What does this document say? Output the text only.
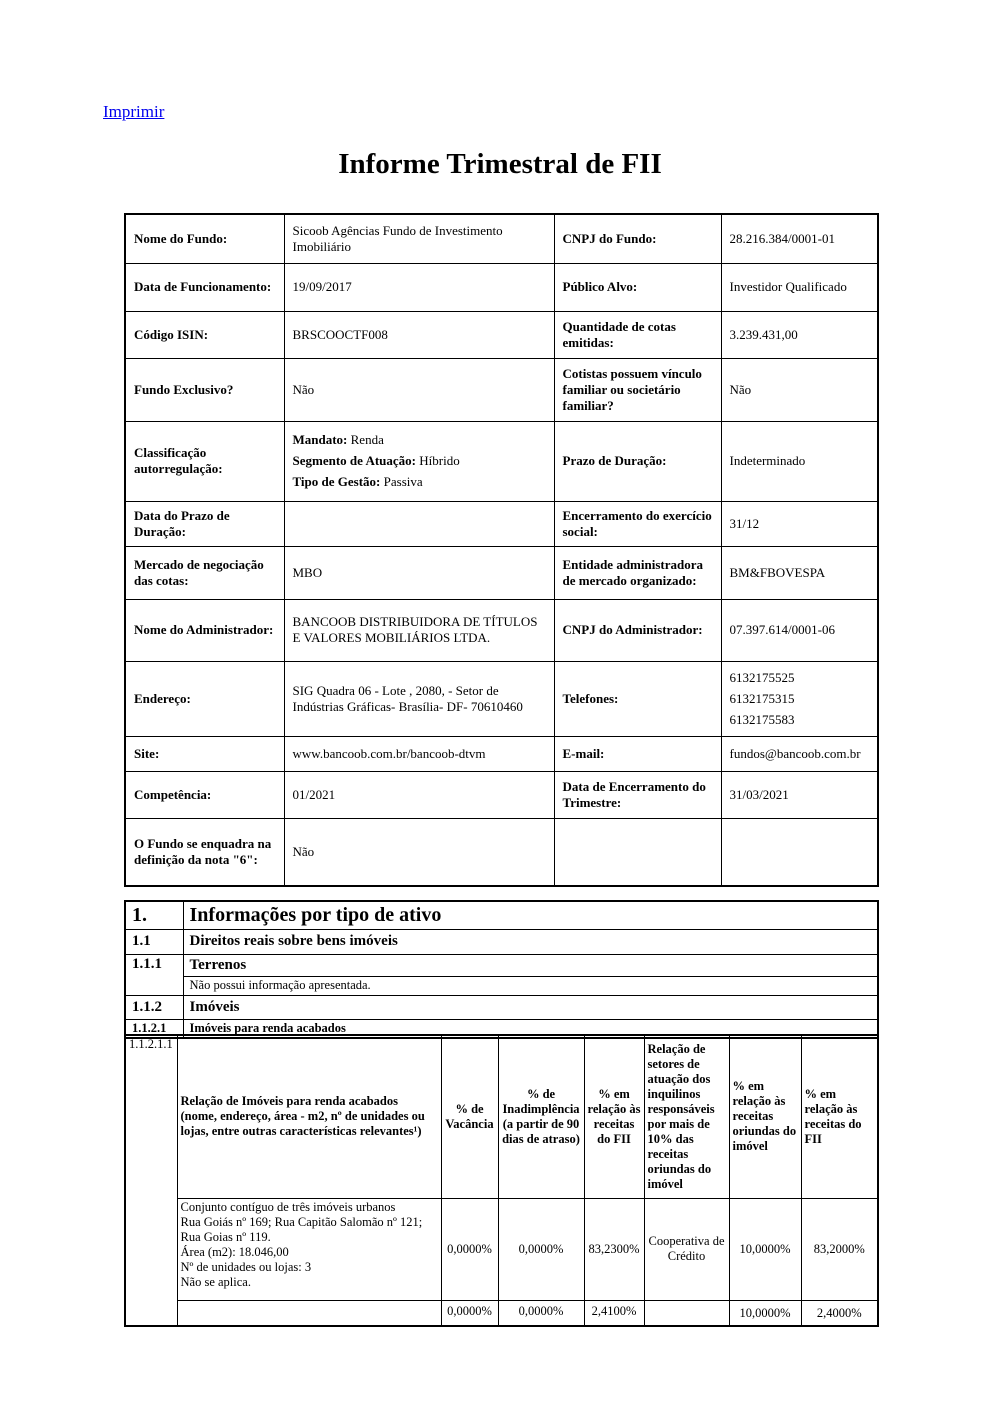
Imprimir
Informe Trimestral de FII
Nome do Fundo:	Sicoob Agências Fundo de Investimento Imobiliário	CNPJ do Fundo:	28.216.384/0001-01
Data de Funcionamento:	19/09/2017	Público Alvo:	Investidor Qualificado
Código ISIN:	BRSCOOCTF008	Quantidade de cotas emitidas:	3.239.431,00
Fundo Exclusivo?	Não	Cotistas possuem vínculo familiar ou societário familiar?	Não
Classificação autorregulação:	Mandato: Renda

Segmento de Atuação: Híbrido

Tipo de Gestão: Passiva	Prazo de Duração:	Indeterminado
Data do Prazo de Duração:		Encerramento do exercício social:	31/12
Mercado de negociação das cotas:	MBO	Entidade administradora de mercado organizado:	BM&FBOVESPA
Nome do Administrador:	BANCOOB DISTRIBUIDORA DE TÍTULOS E VALORES MOBILIÁRIOS LTDA.	CNPJ do Administrador:	07.397.614/0001-06
Endereço:	SIG Quadra 06 - Lote , 2080, - Setor de Indústrias Gráficas- Brasília- DF- 70610460	Telefones:	6132175525

6132175315

6132175583

Site:	www.bancoob.com.br/bancoob-dtvm	E-mail:	fundos@bancoob.com.br
Competência:	01/2021	Data de Encerramento do Trimestre:	31/03/2021
O Fundo se enquadra na definição da nota "6":	Não		
1.	Informações por tipo de ativo
1.1	Direitos reais sobre bens imóveis
1.1.1	Terrenos
	Não possui informação apresentada.
1.1.2	Imóveis
1.1.2.1	Imóveis para renda acabados
1.1.2.1.1	Relação de Imóveis para renda acabados (nome, endereço, área - m2, nº de unidades ou lojas, entre outras características relevantes¹)	% de Vacância	% de Inadimplência (a partir de 90 dias de atraso)	% em relação às receitas do FII	Relação de setores de atuação dos inquilinos responsáveis por mais de 10% das receitas oriundas do imóvel	% em relação às receitas oriundas do imóvel	% em relação às receitas do FII

	Conjunto contíguo de três imóveis urbanos
Rua Goiás nº 169; Rua Capitão Salomão nº 121; Rua Goias nº 119.
Área (m2): 18.046,00
Nº de unidades ou lojas: 3
Não se aplica.	0,0000%	0,0000%	83,2300%	Cooperativa de Crédito	10,0000%	83,2000%
		0,0000%	0,0000%	2,4100%		10,0000%	2,4000%
